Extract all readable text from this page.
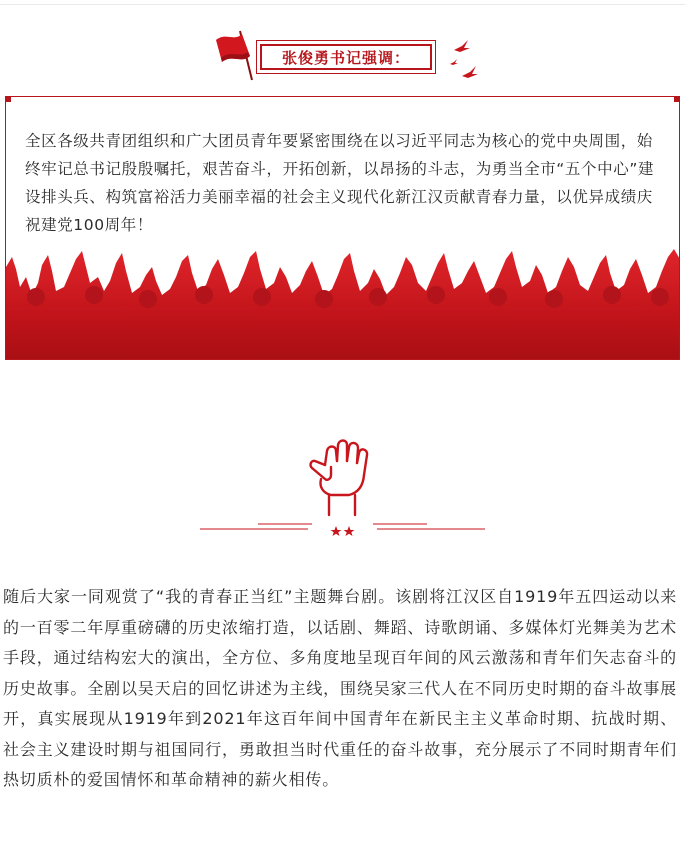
张俊勇书记强调：

全区各级共青团组织和广大团员青年要紧密围绕在以习近平同志为核心的党中央周围，始终牢记总书记殷殷嘱托，艰苦奋斗，开拓创新，以昂扬的斗志，为勇当全市“五个中心”建设排头兵、构筑富裕活力美丽幸福的社会主义现代化新江汉贡献青春力量，以优异成绩庆祝建党100周年！

随后大家一同观赏了“我的青春正当红”主题舞台剧。该剧将江汉区自1919年五四运动以来的一百零二年厚重磅礴的历史浓缩打造，以话剧、舞蹈、诗歌朗诵、多媒体灯光舞美为艺术手段，通过结构宏大的演出，全方位、多角度地呈现百年间的风云激荡和青年们矢志奋斗的历史故事。全剧以吴天启的回忆讲述为主线，围绕吴家三代人在不同历史时期的奋斗故事展开，真实展现从1919年到2021年这百年间中国青年在新民主主义革命时期、抗战时期、社会主义建设时期与祖国同行，勇敢担当时代重任的奋斗故事，充分展示了不同时期青年们热切质朴的爱国情怀和革命精神的薪火相传。
